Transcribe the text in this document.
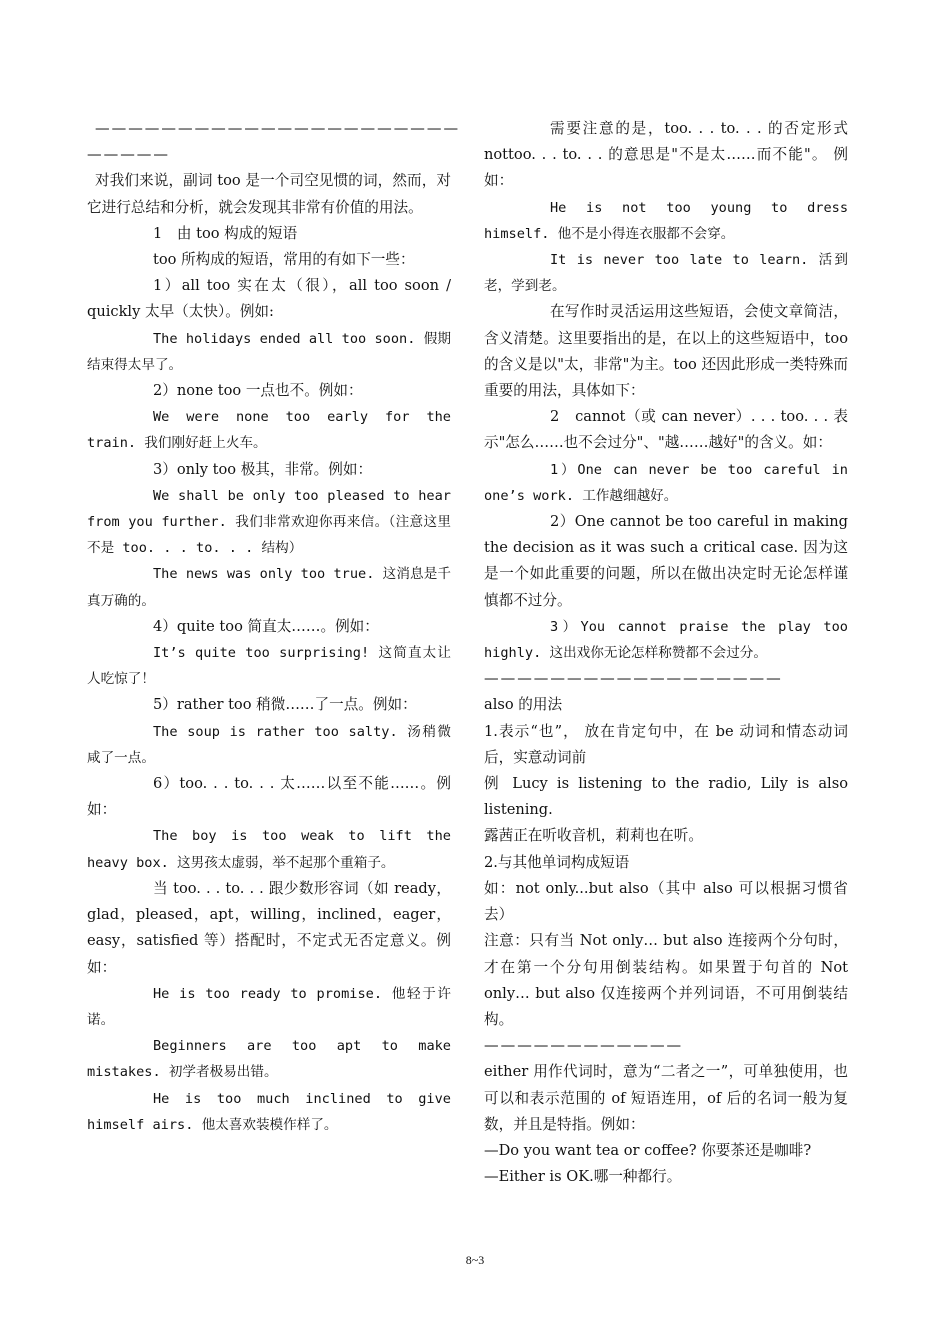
——————————————————————

—————

对我们来说，副词 too 是一个司空见惯的词，然而，对它进行总结和分析，就会发现其非常有价值的用法。

1　由 too 构成的短语

too 所构成的短语，常用的有如下一些：

1）all too 实在太（很），all too soon / quickly 太早（太快）。例如:

The holidays ended all too soon. 假期结束得太早了。

2）none too 一点也不。例如：

We were none too early for the train. 我们刚好赶上火车。

3）only too 极其，非常。例如：

We shall be only too pleased to hear from you further. 我们非常欢迎你再来信。（注意这里不是 too. . . to. . . 结构）

The news was only too true. 这消息是千真万确的。

4）quite too 简直太……。例如：

It’s quite too surprising! 这简直太让人吃惊了！

5）rather too 稍微……了一点。例如：

The soup is rather too salty. 汤稍微咸了一点。

6）too. . . to. . . 太……以至不能……。例如：

The boy is too weak to lift the heavy box. 这男孩太虚弱，举不起那个重箱子。

当 too. . . to. . . 跟少数形容词（如 ready， glad，pleased，apt，willing，inclined，eager， easy，satisfied 等）搭配时，不定式无否定意义。例如：

He is too ready to promise. 他轻于许诺。

Beginners are too apt to make mistakes. 初学者极易出错。

He is too much inclined to give himself airs. 他太喜欢装模作样了。

需要注意的是，too. . . to. . . 的否定形式 nottoo. . . to. . . 的意思是"不是太……而不能"。 例如：

He is not too young to dress himself. 他不是小得连衣服都不会穿。

It is never too late to learn. 活到老，学到老。

在写作时灵活运用这些短语，会使文章简洁，含义清楚。这里要指出的是，在以上的这些短语中，too 的含义是以"太，非常"为主。too 还因此形成一类特殊而重要的用法，具体如下：

2　cannot（或 can never）. . . too. . . 表示"怎么……也不会过分"、"越……越好"的含义。如：

1）One can never be too careful in one’s work. 工作越细越好。

2）One cannot be too careful in making the decision as it was such a critical case. 因为这是一个如此重要的问题，所以在做出决定时无论怎样谨慎都不过分。

3）You cannot praise the play too highly. 这出戏你无论怎样称赞都不会过分。

——————————————————

also 的用法

1.表示“也”， 放在肯定句中，在 be 动词和情态动词后，实意动词前

例 Lucy is listening to the radio, Lily is also listening.

露茜正在听收音机，莉莉也在听。

2.与其他单词构成短语

如：not only...but also（其中 also 可以根据习惯省去）

注意：只有当 Not only… but also 连接两个分句时，才在第一个分句用倒装结构。如果置于句首的 Not only… but also 仅连接两个并列词语，不可用倒装结构。

————————————

either 用作代词时，意为“二者之一”，可单独使用，也可以和表示范围的 of 短语连用，of 后的名词一般为复数，并且是特指。例如：

—Do you want tea or coffee? 你要茶还是咖啡?

—Either is OK.哪一种都行。

8~3
